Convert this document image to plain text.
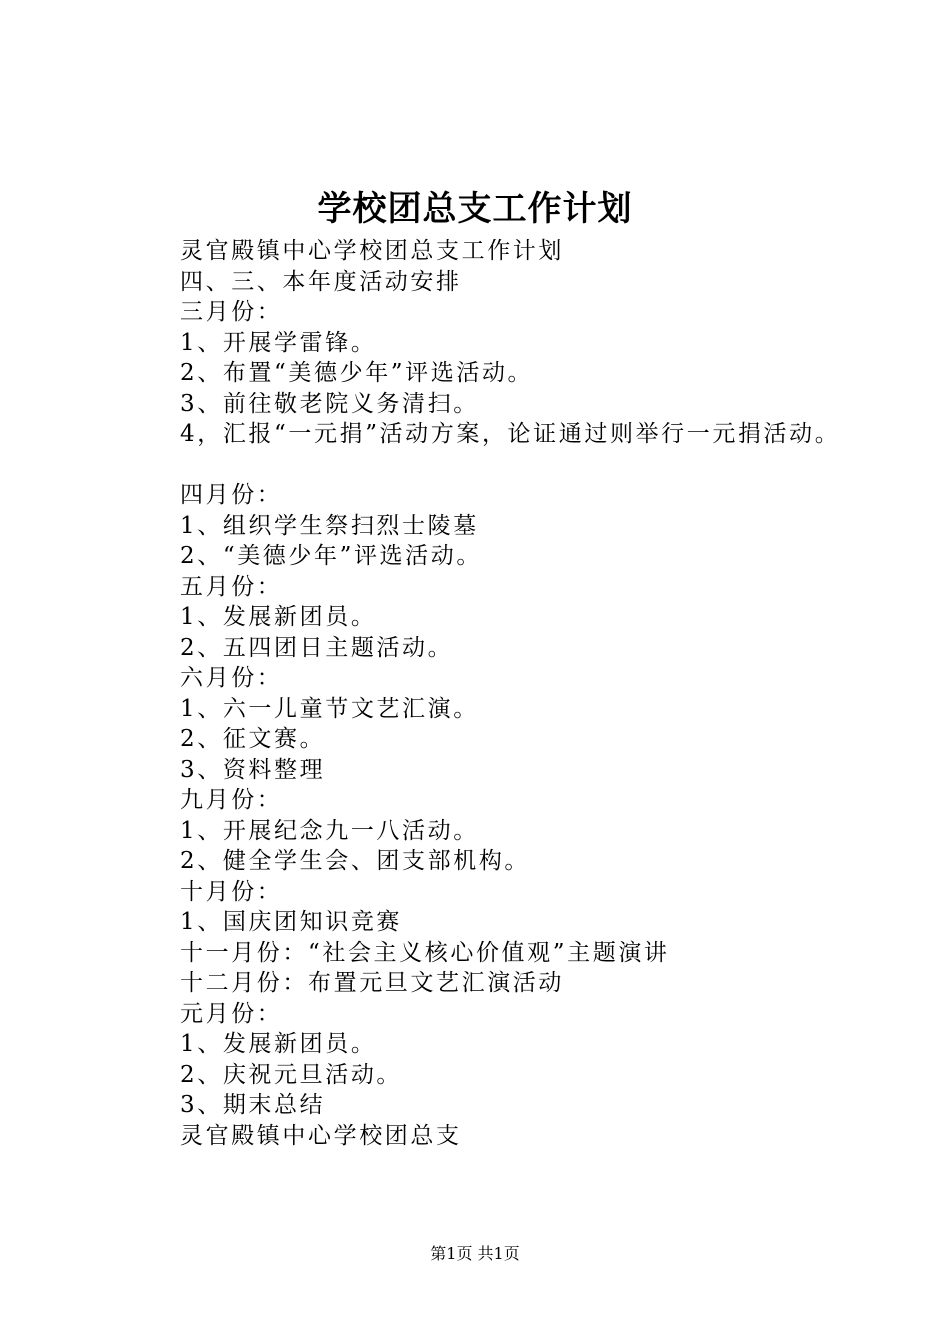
学校团总支工作计划
灵官殿镇中心学校团总支工作计划
四、三、本年度活动安排
三月份：
1、开展学雷锋。
2、布置“美德少年”评选活动。
3、前往敬老院义务清扫。
4，汇报“一元捐”活动方案，论证通过则举行一元捐活动。
四月份：
1、组织学生祭扫烈士陵墓
2、“美德少年”评选活动。
五月份：
1、发展新团员。
2、五四团日主题活动。
六月份：
1、六一儿童节文艺汇演。
2、征文赛。
3、资料整理
九月份：
1、开展纪念九一八活动。
2、健全学生会、团支部机构。
十月份：
1、国庆团知识竞赛
十一月份：“社会主义核心价值观”主题演讲
十二月份：布置元旦文艺汇演活动
元月份：
1、发展新团员。
2、庆祝元旦活动。
3、期末总结
灵官殿镇中心学校团总支
第1页 共1页
